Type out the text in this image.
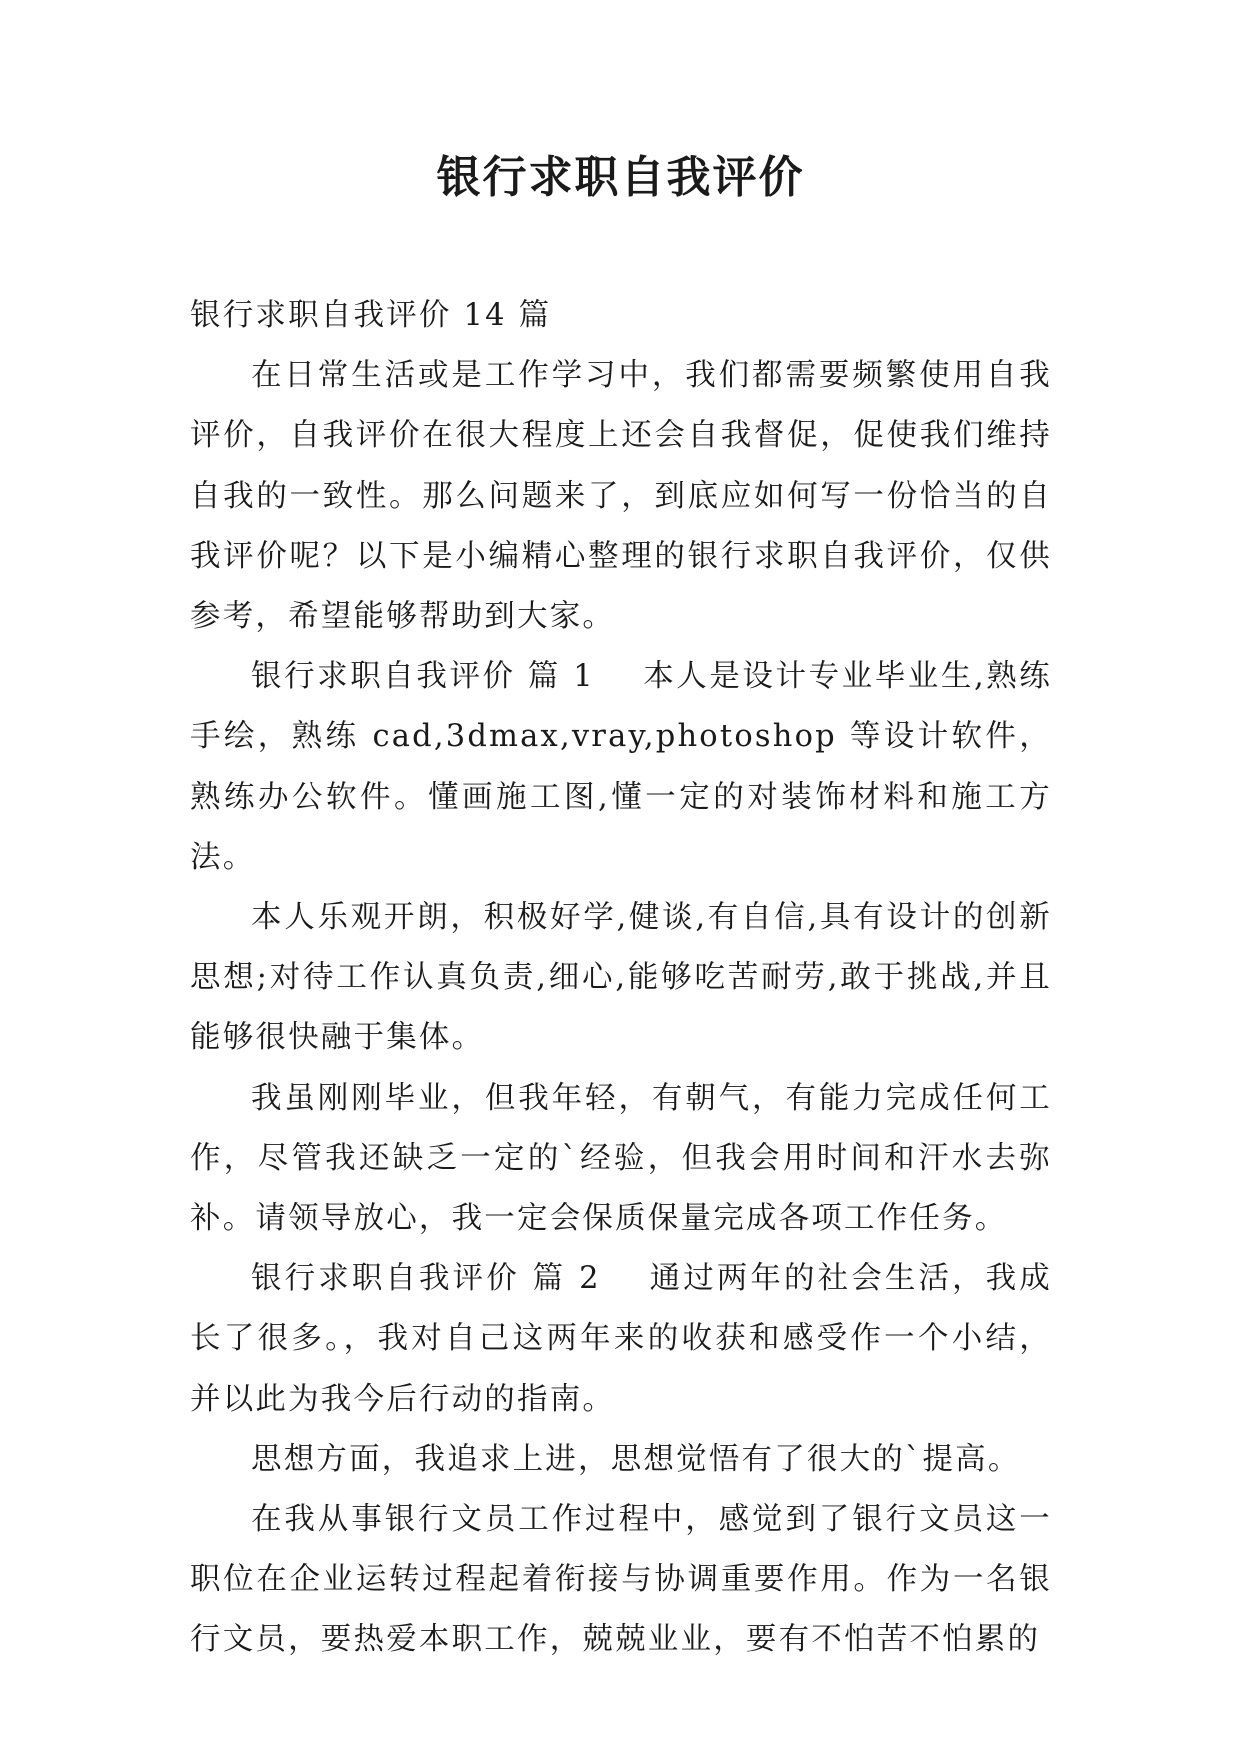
银行求职自我评价

银行求职自我评价 14 篇

在日常生活或是工作学习中，我们都需要频繁使用自我评价，自我评价在很大程度上还会自我督促，促使我们维持自我的一致性。那么问题来了，到底应如何写一份恰当的自我评价呢？以下是小编精心整理的银行求职自我评价，仅供参考，希望能够帮助到大家。

银行求职自我评价 篇 1 本人是设计专业毕业生,熟练手绘，熟练 cad,3dmax,vray,photoshop 等设计软件，熟练办公软件。懂画施工图,懂一定的对装饰材料和施工方法。

本人乐观开朗，积极好学,健谈,有自信,具有设计的创新思想;对待工作认真负责,细心,能够吃苦耐劳,敢于挑战,并且能够很快融于集体。

我虽刚刚毕业，但我年轻，有朝气，有能力完成任何工作，尽管我还缺乏一定的`经验，但我会用时间和汗水去弥补。请领导放心，我一定会保质保量完成各项工作任务。

银行求职自我评价 篇 2 通过两年的社会生活，我成长了很多。，我对自己这两年来的收获和感受作一个小结，并以此为我今后行动的指南。

思想方面，我追求上进，思想觉悟有了很大的`提高。

在我从事银行文员工作过程中，感觉到了银行文员这一职位在企业运转过程起着衔接与协调重要作用。作为一名银行文员，要热爱本职工作，兢兢业业，要有不怕苦不怕累的
